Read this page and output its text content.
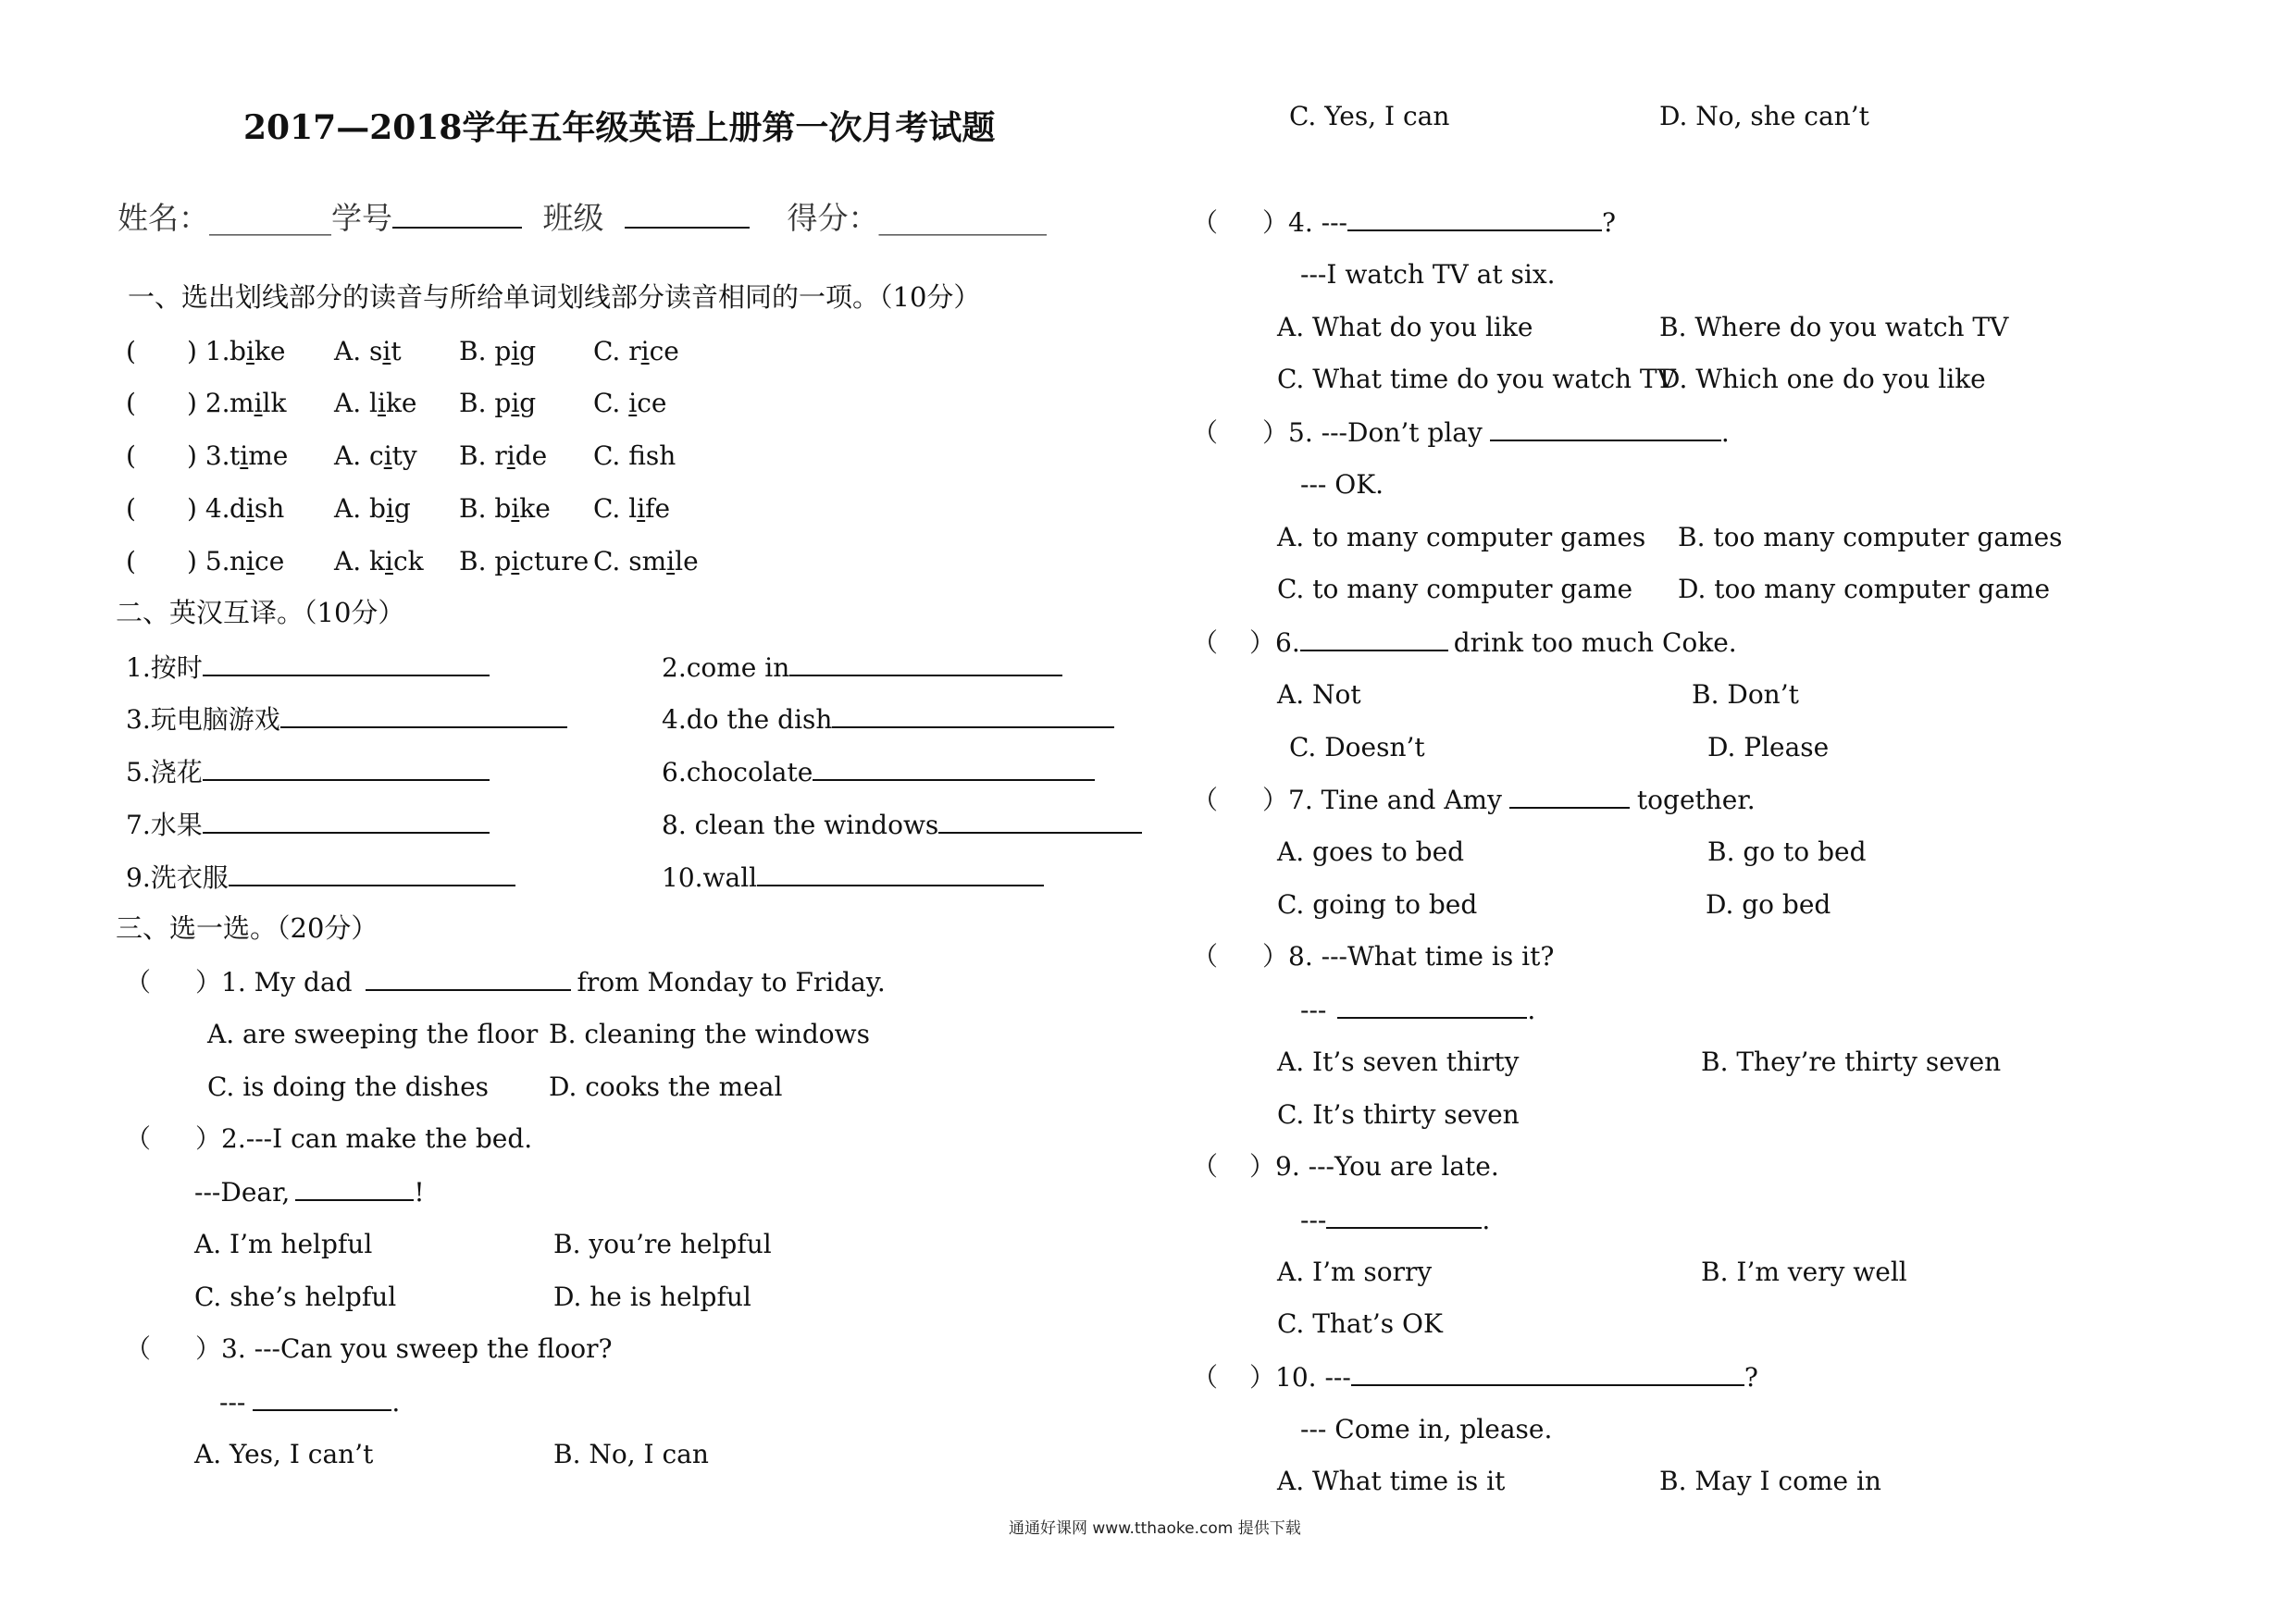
2017—2018学年五年级英语上册第一次月考试题
姓名：________学号	班级	得分：___________
一、选出划线部分的读音与所给单词划线部分读音相同的一项。（10分）
( ) 1. bike A. sit B. pig C. rice
( ) 2. milk A. like B. pig C. ice
( ) 3. time A. city B. ride C. fsh
( ) 4. dish A. big B. bike C. life
( ) 5. nice A. kick B. picture C. smile
二、英汉互译。（10分）
1.按时	2.come in
3.玩电脑游戏	4.do the dish
5.浇花	6.chocolate
7.水果	8. clean the windows
9.洗衣服	10.wall
三、选一选。（20分）
（ ）1. My dad	from Monday to Friday.
A. are sweeping the floor B. cleaning the windows
C. is doing the dishes D. cooks the meal
（ ）2.---I can make the bed.
---Dear,	!
A. I’m helpful	B. you’re helpful
C. she’s helpful	D. he is helpful
（ ）3. ---Can you sweep the floor?
---	.
A. Yes, I can’t	B. No, I can
C. Yes, I can	D. No, she can’t
（ ）4. ---	?
---I watch TV at six.
A. What do you like	B. Where do you watch TV
C. What time do you watch TV
D. Which one do you like
（ ）5. ---Don’t play	.
--- OK.
A. to many computer games B. too many computer games
C. to many computer game D. too many computer game
（ ）6.	drink too much Coke.
A. Not	B. Don’t
C. Doesn’t	D. Please
（ ）7. Tine and Amy	together.
A. goes to bed	B. go to bed
C. going to bed	D. go bed
（ ）8. ---What time is it?
---	.
A. It’s seven thirty	B. They’re thirty seven
C. It’s thirty seven
（ ）9. ---You are late.
---	.
A. I’m sorry	B. I’m very well
C. That’s OK
（ ）10. ---	?
--- Come in, please.
A. What time is it	B. May I come in
通通好课网 www.tthaoke.com 提供下载
